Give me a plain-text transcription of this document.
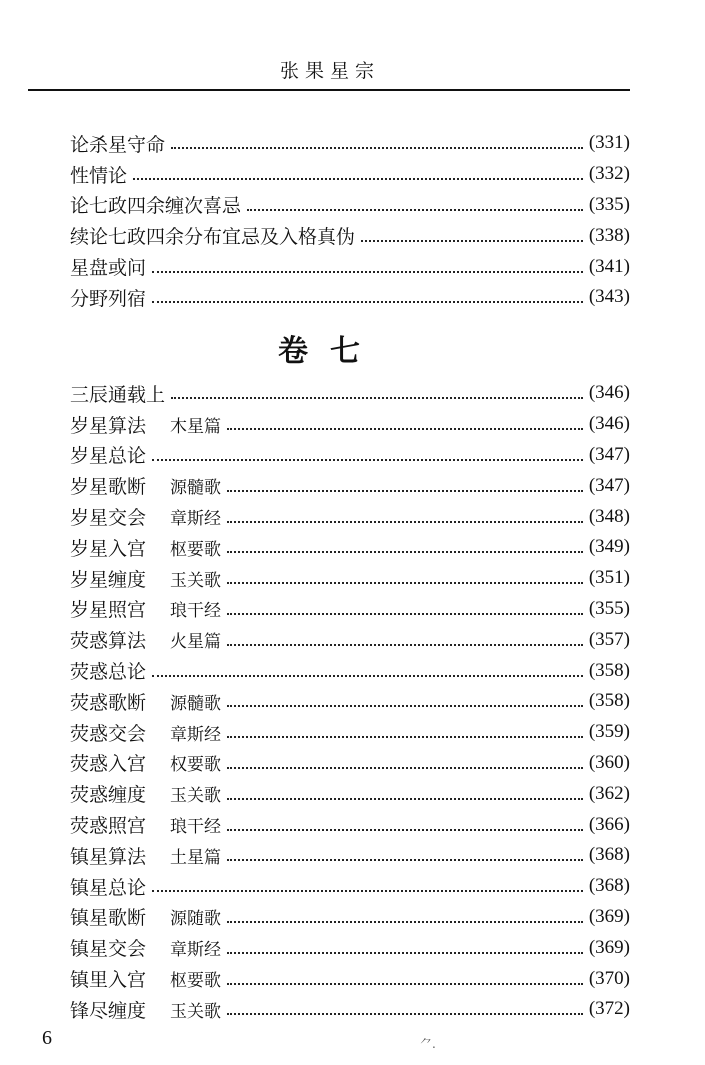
张果星宗
论杀星守命	(331)
性情论	(332)
论七政四余缠次喜忌	(335)
续论七政四余分布宜忌及入格真伪	(338)
星盘或问	(341)
分野列宿	(343)
卷七
三辰通载上	(346)
岁星算法 木星篇	(346)
岁星总论	(347)
岁星歌断 源髓歌	(347)
岁星交会 章斯经	(348)
岁星入宫 枢要歌	(349)
岁星缠度 玉关歌	(351)
岁星照宫 琅干经	(355)
荧惑算法 火星篇	(357)
荧惑总论	(358)
荧惑歌断 源髓歌	(358)
荧惑交会 章斯经	(359)
荧惑入宫 权要歌	(360)
荧惑缠度 玉关歌	(362)
荧惑照宫 琅干经	(366)
镇星算法 土星篇	(368)
镇星总论	(368)
镇星歌断 源随歌	(369)
镇星交会 章斯经	(369)
镇里入宫 枢要歌	(370)
锋尽缠度 玉关歌	(372)
6	⺈.
